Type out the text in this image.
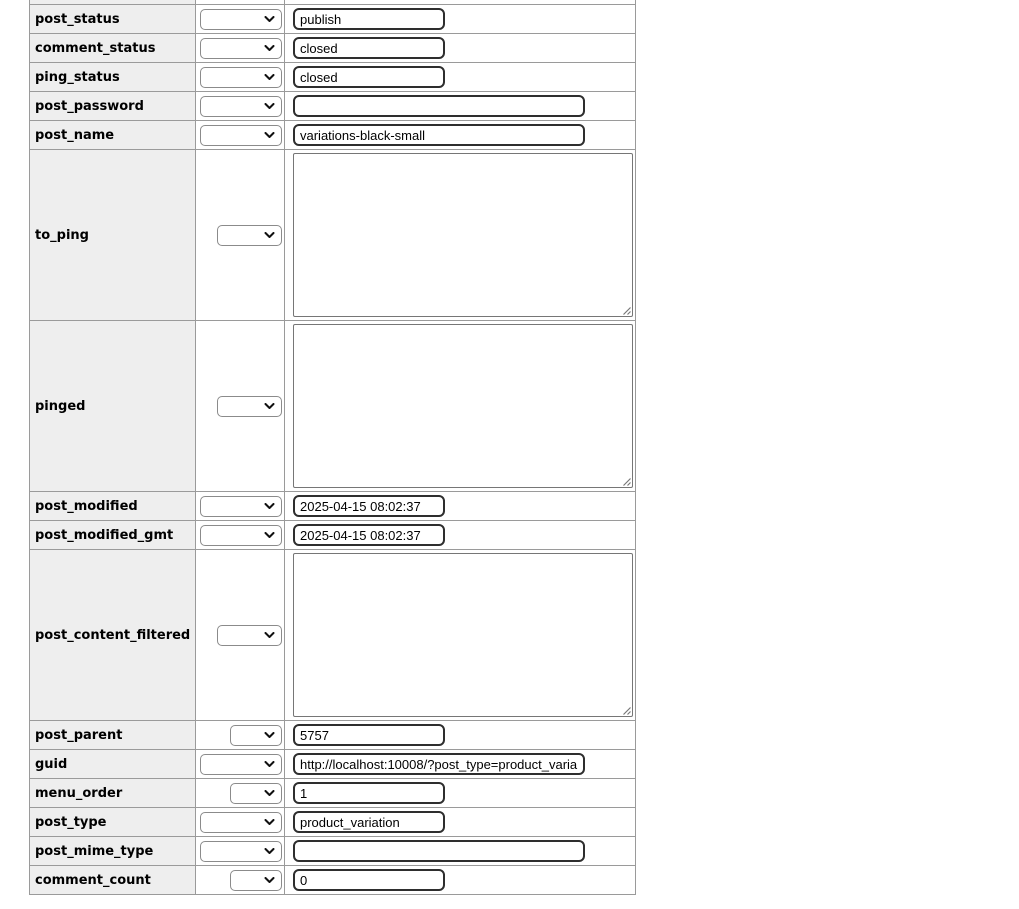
post_status	
	publish
comment_status	
	closed
ping_status	
	closed
post_password	

post_name	
	variations-black-small
to_ping	

pinged	

post_modified	
	2025-04-15 08:02:37
post_modified_gmt	
	2025-04-15 08:02:37
post_content_filtered	

post_parent	
	5757
guid	
	http://localhost:10008/?post_type=product_varia
menu_order	
	1
post_type	
	product_variation
post_mime_type	

comment_count	
	0
